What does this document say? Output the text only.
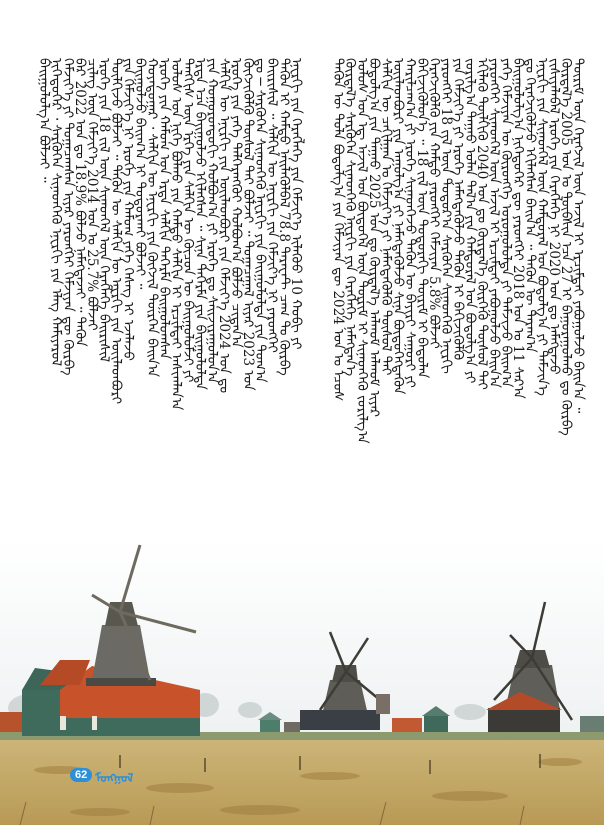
ᠲᠡᠭᠦᠨ ᠦ ᠲᠤᠯᠠ ᠪᠣᠳᠤᠯᠭ᠎ᠠ ᠶᠢᠨ ᠬᠡᠮᠵᠢᠶᠡᠨ ᠳᠦ 2024 ᠣᠨ ᠤ ᠡᠴᠦᠰ
ᠬᠦᠷᠲᠡᠯ᠎ᠡ ᠰᠡᠷᠭᠦᠭᠡᠨ ᠰᠢᠨᠡᠳᠬᠡᠬᠦ ᠡᠨᠧᠷᠭᠢ ᠶᠢᠨ ᠬᠡᠷᠡᠭᠯᠡᠭᠡ ᠨᠡᠮᠡᠭᠳᠡᠨ᠎ᠡ
ᠤᠯᠤᠰ ᠤᠨ ᠡᠳ᠋ ᠠᠵᠢᠯ ᠤᠨ ᠪᠦᠲᠦᠭᠡᠯ ᠦᠨ ᠳᠦᠷᠢᠮ ᠢ ᠰᠢᠨᠡᠳᠬᠡᠬᠦ ᠵᠣᠷᠢᠯᠭ᠎ᠠ
ᠪᠣᠳᠣᠯᠭ᠎ᠠ ᠶᠢᠨ ᠳᠠᠭᠠᠤ 2025 ᠣᠨ ᠳᠤ ᠬᠦᠷᠲᠡᠯ᠎ᠡ ᠠᠯᠬᠤᠮ ᠠᠯᠬᠤᠮ ᠢᠶᠡᠷ
ᠰᠠᠯᠬᠢᠨ ᠦ ᠴᠠᠬᠢᠯᠭᠠᠨ ᠤ ᠬᠡᠮᠵᠢᠶ᠎ᠡ ᠶᠢ ᠨᠡᠮᠡᠭᠳᠡᠭᠦᠯᠬᠦ ᠲᠥᠰᠥᠯ ᠲᠠᠢ
ᠦᠢᠯᠡᠳᠪᠦᠷᠢ ᠶᠢᠨ ᠠᠭᠤᠯᠭ᠎ᠠ ᠶᠢ ᠨᠡᠮᠡᠭᠳᠡᠭᠦᠯᠵᠦ ᠰᠢᠨᠡ ᠪᠦᠲᠦᠭᠡᠭᠳᠡᠬᠦᠨ
ᠬᠠᠷᠢᠯᠴᠠᠭ᠎ᠠ ᠶᠢ ᠡᠷᠦᠬᠡ ᠰᠢᠨᠡᠳᠬᠡᠵᠦ ᠲᠡᠭᠦᠨ ᠦ ᠪᠠᠶᠢᠷᠢ ᠰᠠᠭᠤᠷᠢ ᠶᠢ
ᠪᠡᠬᠢᠵᠢᠭᠦᠯᠦᠨ᠎ᠡ ᠃ 18 ᠵᠢᠯ ᠦᠨ ᠳᠣᠲᠣᠷᠠᠬᠢ ᠳᠦᠷᠢᠮ ᠢ ᠪᠠᠲᠤᠯᠠᠨ
ᠬᠡᠷᠡᠭᠵᠢᠭᠦᠯᠬᠦ ᠶᠢᠨ ᠬᠠᠮᠲᠤ ᠶᠡᠷᠦᠩᠬᠡᠢ ᠬᠡᠮᠵᠢᠶᠡᠨ 5.8% ᠪᠣᠯᠵᠠᠢ
ᠶᠡᠷᠦᠩᠬᠡᠢ 18 ᠵᠢᠯ ᠦᠨ ᠳᠣᠲᠣᠷ᠎ᠠ ᠰᠡᠷᠭᠦᠭᠡᠨ ᠰᠢᠨᠡᠳᠬᠡᠬᠦ ᠡᠨᠧᠷᠭᠢ
ᠶᠢᠨ ᠬᠡᠮᠵᠢᠶ᠎ᠡ ᠶᠢ ᠡᠷᠦᠬᠡ ᠨᠡᠮᠡᠭᠳᠡᠭᠦᠯᠵᠦ ᠲᠡᠭᠦᠨ ᠢ ᠪᠡᠬᠢᠵᠢᠭᠦᠯᠬᠦ
ᠵᠣᠷᠢᠯᠭ᠎ᠠ ᠳᠠᠭᠠᠤ ᠣᠯᠠᠨ ᠲᠠᠯ᠎ᠠ ᠶᠢᠨ ᠬᠠᠮᠲᠤᠷᠠᠯ ᠤᠨ ᠪᠣᠳᠣᠯᠭ᠎ᠠ ᠶᠢ
ᠡᠬᠢᠯᠡᠬᠦ ᠲᠦᠯᠬᠢᠬᠦ 2040 ᠣᠨ ᠳᠤ ᠬᠦᠷᠲᠡᠯ᠎ᠡ ᠬᠦᠷᠭᠡᠬᠦ ᠲᠥᠰᠥᠯ ᠲᠠᠢ
ᠶᠡᠷᠦᠩᠬᠡᠢ ᠰᠢᠨᠡᠳᠬᠡᠯ ᠦᠨ ᠠᠵᠢᠯ ᠢ ᠡᠷᠴᠢᠮᠲᠡᠢ ᠶᠠᠪᠤᠭᠤᠯᠵᠤ ᠪᠠᠢᠨ᠎ᠠ
ᠶᠡᠬᠡ ᠬᠡᠮᠵᠢᠶᠡᠨ ᠦ ᠬᠦᠷᠦᠩᠭᠡ ᠣᠷᠤᠭᠤᠯᠤᠯᠲᠠ ᠶᠢ ᠳᠡᠮᠵᠢᠵᠦ ᠪᠠᠢᠭ᠎ᠠ
ᠪᠠᠢᠭᠤᠯᠤᠯᠭ᠎ᠠ ᠨᠢᠭᠡᠳᠦᠭᠡᠷ ᠳᠦ ᠶᠡᠷᠦᠩᠬᠡᠢ 2018 ᠣᠨ ᠤ 11 ᠰᠠᠷ᠎ᠠ
ᠳᠤ ᠬᠡᠷᠡᠭᠵᠢᠭᠦᠯᠵᠦ ᠡᠬᠢᠯᠡᠭᠰᠡᠨ ᠪᠠᠢᠨ᠎ᠠ ᠃ ᠲᠡᠭᠦᠨ ᠦ ᠳᠠᠷᠠᠭ᠎ᠠ
ᠡᠨᠧᠷᠭᠢ ᠶᠢᠨ ᠰᠢᠨᠡᠳᠬᠡᠯ ᠦᠨ ᠬᠠᠮᠲᠤᠷᠠᠯ ᠤᠨ ᠪᠣᠳᠣᠯᠭ᠎ᠠ ᠶᠢ ᠳᠡᠮᠵᠢᠨ᠎ᠡ
ᠵᠢᠱᠢᠶᠡᠯᠡᠪᠡᠯ ᠡᠷᠦᠬᠡ ᠶᠢᠨ ᠬᠡᠷᠡᠭᠯᠡᠭᠡ ᠨᠢ 2020 ᠣᠨ ᠳᠤ ᠨᠡᠮᠡᠭᠳᠡᠵᠦ
ᠬᠦᠷᠲᠡᠯ᠎ᠡ 2005 ᠣᠨ ᠤ ᠲᠦᠪᠰᠢᠨ ᠡᠴᠡ 27 ᠢ ᠪᠠᠭᠤᠷᠠᠭᠤᠯᠬᠤ ᠳᠤ ᠬᠦᠷᠪᠡ
ᠳᠦᠷᠢᠮ ᠦᠨ ᠬᠡᠷᠡᠭᠵᠢᠯ ᠦᠨ ᠠᠵᠢᠯ ᠢ ᠡᠷᠴᠢᠮᠲᠡᠢ ᠶᠠᠪᠤᠭᠤᠯᠵᠤ ᠪᠠᠢᠨ᠎ᠠ ᠃
ᠪᠠᠢᠭᠤᠯᠤᠯᠭ᠎ᠠ ᠪᠣᠯᠵᠠᠢ ᠃
ᠨᠢᠭᠡᠳᠦᠭᠡᠷ ᠂ ᠰᠡᠷᠭᠦᠭᠡᠨ ᠰᠢᠨᠡᠳᠬᠡᠬᠦ ᠡᠨᠧᠷᠭᠢ ᠶᠢᠨ ᠡᠯᠡᠭ ᠬᠠᠮᠢᠶᠠᠷᠤᠯ
ᠬᠡᠮᠵᠢᠶ᠎ᠡ ᠶᠢ ᠲᠣᠭᠠᠴᠠᠭᠰᠠᠨ ᠢᠶᠡᠷ ᠶᠡᠷᠦᠩᠬᠡᠢ ᠬᠡᠮᠵᠢᠶᠡᠨ ᠳᠦ ᠬᠦᠷᠪᠡ
ᠪᠡᠷ 2022 ᠣᠨ ᠳᠤ 18.9% ᠪᠣᠯᠵᠤ ᠨᠡᠮᠡᠭᠳᠡᠵᠡᠢ ᠃ ᠲᠡᠭᠦᠨ
ᠴᠢᠯᠡᠭ ᠦᠨ ᠬᠡᠮᠵᠢᠶ᠎ᠡ 2014 ᠣᠨ ᠤ 25.7% ᠪᠣᠯᠵᠠᠢ
ᠡᠷᠦᠬᠡ ᠶᠢᠨ 18 ᠵᠢᠯ ᠦᠨ ᠰᠢᠨᠡᠳᠬᠡᠯ ᠦᠨ ᠬᠡᠷᠡᠭᠯᠡᠭᠡ ᠪᠠᠢᠷᠢᠰᠢᠯ
ᠲᠦᠯᠬᠢᠵᠦ ᠪᠣᠯᠵᠠᠢ ᠃ ᠲᠡᠭᠦᠨ ᠦ ᠰᠠᠯᠬᠢᠨ ᠦ ᠡᠨᠧᠷᠭᠢ ᠶᠢᠨ ᠦᠢᠯᠡᠳᠪᠦᠷᠢ
ᠶᠢᠨ ᠬᠡᠮᠵᠢᠶ᠎ᠡ ᠨᠢ ᠡᠷᠦᠬᠡ ᠶᠢᠨ ᠬᠠᠮᠤᠭ ᠶᠡᠬᠡ ᠬᠡᠰᠡᠭ ᠢ ᠡᠵᠡᠯᠡᠵᠦ
ᠪᠠᠢᠭᠤᠯᠵᠤ ᠪᠠᠢᠭ᠎ᠠ ᠨᠢ ᠲᠣᠳᠤᠷᠬᠠᠢ ᠪᠣᠯᠵᠠᠢ ᠃
ᠬᠣᠶᠠᠳᠤᠭᠠᠷ ᠂ ᠰᠠᠯᠬᠢᠨ ᠦ ᠡᠨᠧᠷᠭᠢ ᠶᠢᠨ ᠬᠥᠭᠵᠢᠯ ᠲᠦᠷᠭᠡᠨ ᠪᠠᠢᠨ᠎ᠠ
ᠡᠷᠦᠬᠡ ᠶᠢᠨ ᠬᠠᠮᠤᠭ ᠤᠨ ᠡᠷᠲᠡ ᠰᠠᠯᠬᠢᠨ ᠲᠡᠭᠡᠷᠮᠡ ᠪᠠᠢᠭᠤᠯᠤᠭᠰᠠᠨ
ᠤᠯᠤᠰ ᠤᠨ ᠨᠢᠭᠡ ᠪᠣᠯᠬᠤ ᠶᠢᠨ ᠬᠠᠮᠲᠤ ᠰᠠᠯᠬᠢᠨ ᠢ ᠡᠷᠴᠢᠮᠲᠡᠢ ᠠᠰᠢᠭᠯᠠᠨ᠎ᠠ
ᠲᠡᠩᠭᠢᠰ ᠦᠨ ᠡᠷᠭᠡ ᠶᠢᠨ ᠰᠠᠯᠬᠢᠨ ᠦ ᠬᠦᠴᠦᠨ ᠦ ᠪᠠᠢᠭᠤᠯᠤᠮᠵᠢ ᠶᠢ
ᠡᠷᠲᠡ ᠡᠴᠡ ᠪᠠᠢᠭᠤᠯᠵᠤ ᠡᠬᠢᠯᠡᠭᠰᠡᠨ ᠃ ᠰᠢᠨᠡ ᠲᠡᠭᠡᠷᠮᠡ ᠶᠢᠨ ᠪᠠᠢᠭᠤᠯᠤᠯᠲᠠ
ᠶᠢᠨ ᠬᠣᠭᠣᠷᠣᠨᠳᠣᠬᠢ ᠬᠣᠯᠪᠣᠭ᠎ᠠ ᠶᠢ ᠡᠷᠦᠬᠡ ᠳᠤ ᠰᠠᠢᠵᠢᠷᠠᠭᠤᠯᠤᠨ᠎ᠠ
ᠰᠠᠯᠬᠢᠨ ᠦ ᠡᠨᠧᠷᠭᠢ ᠶᠢᠨ ᠦᠢᠯᠡᠳᠪᠦᠷᠢ ᠶᠢᠨ ᠬᠡᠮᠵᠢᠶ᠎ᠡ 2024 ᠣᠨ ᠳᠤ
ᠡᠷᠦᠬᠡ ᠶᠢᠨ ᠶᠡᠬᠡ ᠳᠡᠯᠭᠡᠷᠡᠩᠭᠦᠢ ᠬᠣᠯᠪᠣᠭ᠎ᠠ ᠪᠣᠯᠵᠤ ᠴᠢᠳᠠᠨ᠎ᠠ
ᠬᠥᠭᠵᠢᠭᠦᠯᠬᠦ ᠲᠥᠰᠥᠯ ᠲᠠᠢ ᠪᠣᠯᠵᠠᠢ ᠃ ᠲᠣᠭᠠᠴᠠᠭᠠᠯ ᠢᠶᠡᠷ 2023 ᠣᠨ
ᠳᠤ ─ ᠰᠡᠷᠭᠦᠭᠡᠨ ᠰᠢᠨᠡᠳᠬᠡᠬᠦ ᠡᠨᠧᠷᠭᠢ ᠶᠢᠨ ᠪᠠᠢᠭᠤᠯᠤᠯᠲᠠ ᠶᠢᠨ ᠲᠣᠭ᠎ᠠ
ᠪᠠᠢᠷᠢᠰᠢᠯ ᠃ ᠰᠠᠯᠬᠢᠨ ᠦ ᠡᠨᠧᠷᠭᠢ ᠶᠢᠨ ᠬᠡᠮᠵᠢᠶ᠎ᠡ ᠨᠢ ᠶᠡᠷᠦᠩᠬᠡᠢ
ᠲᠡᠭᠦᠨ ᠢ ᠬᠠᠮᠲᠤ ᠨᠡᠢᠯᠡᠭᠦᠯᠪᠡᠯ 78.8 ᠲᠡᠷᠠᠸᠠᠲ ᠴᠠᠭ ᠲᠤ ᠬᠦᠷᠪᠡ
ᠡᠨᠧᠷᠭᠢ ᠶᠢᠨ ᠬᠡᠷᠡᠭᠯᠡᠭᠡ ᠶᠢᠨ ᠬᠡᠮᠵᠢᠶ᠎ᠡ ᠢᠯᠡᠭᠦᠦ 10 ᠬᠤᠪᠢ ᠶᠢ
62 ᠮᠣᠩᠭᠣᠯ
